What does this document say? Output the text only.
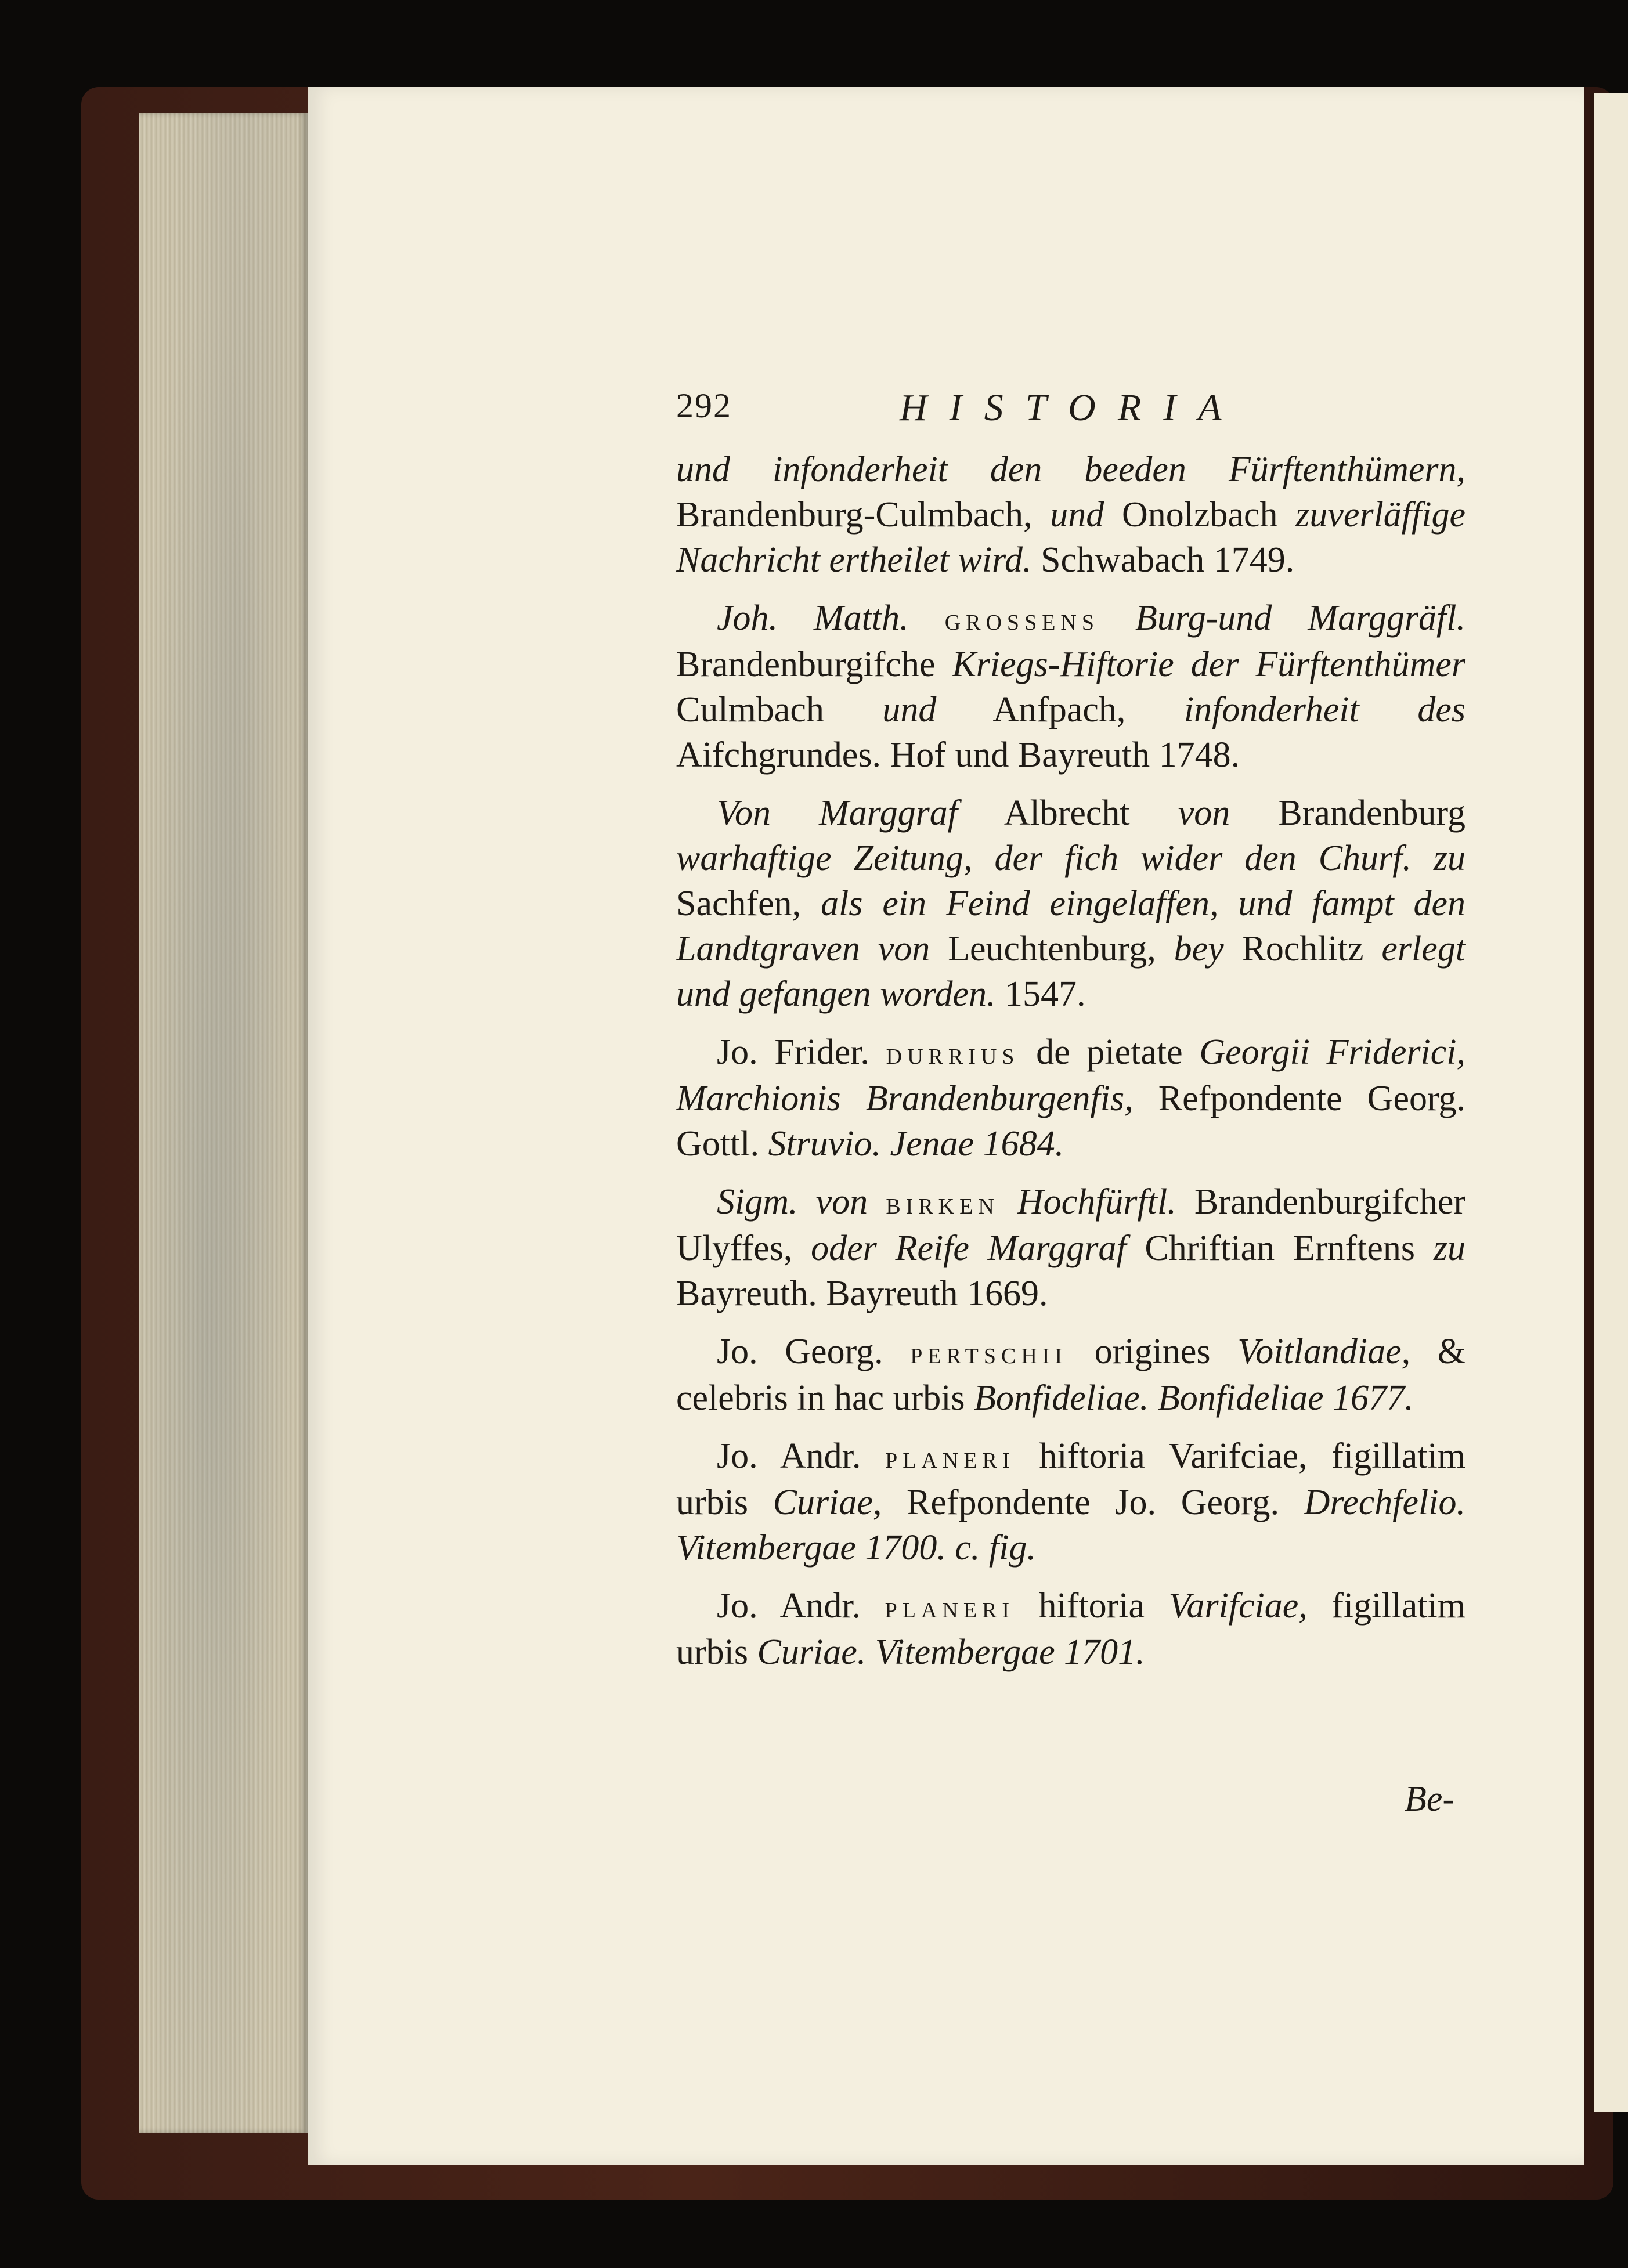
292	HISTORIA

und infonderheit den beeden Fürftenthümern, Brandenburg-Culmbach, und Onolzbach zuverläffige Nachricht ertheilet wird. Schwabach 1749.

Joh. Matth. grossens Burg-und Marggräfl. Brandenburgifche Kriegs-Hiftorie der Fürftenthümer Culmbach und Anfpach, infonderheit des Aifchgrundes. Hof und Bayreuth 1748.

Von Marggraf Albrecht von Brandenburg warhaftige Zeitung, der fich wider den Churf. zu Sachfen, als ein Feind eingelaffen, und fampt den Landtgraven von Leuchtenburg, bey Rochlitz erlegt und gefangen worden. 1547.

Jo. Frider. durrius de pietate Georgii Friderici, Marchionis Brandenburgenfis, Refpondente Georg. Gottl. Struvio. Jenae 1684.

Sigm. von birken Hochfürftl. Brandenburgifcher Ulyffes, oder Reife Marggraf Chriftian Ernftens zu Bayreuth. Bayreuth 1669.

Jo. Georg. pertschii origines Voitlandiae, & celebris in hac urbis Bonfideliae. Bonfideliae 1677.

Jo. Andr. planeri hiftoria Varifciae, figillatim urbis Curiae, Refpondente Jo. Georg. Drechfelio. Vitembergae 1700. c. fig.

Jo. Andr. planeri hiftoria Varifciae, figillatim urbis Curiae. Vitembergae 1701.

Be-
